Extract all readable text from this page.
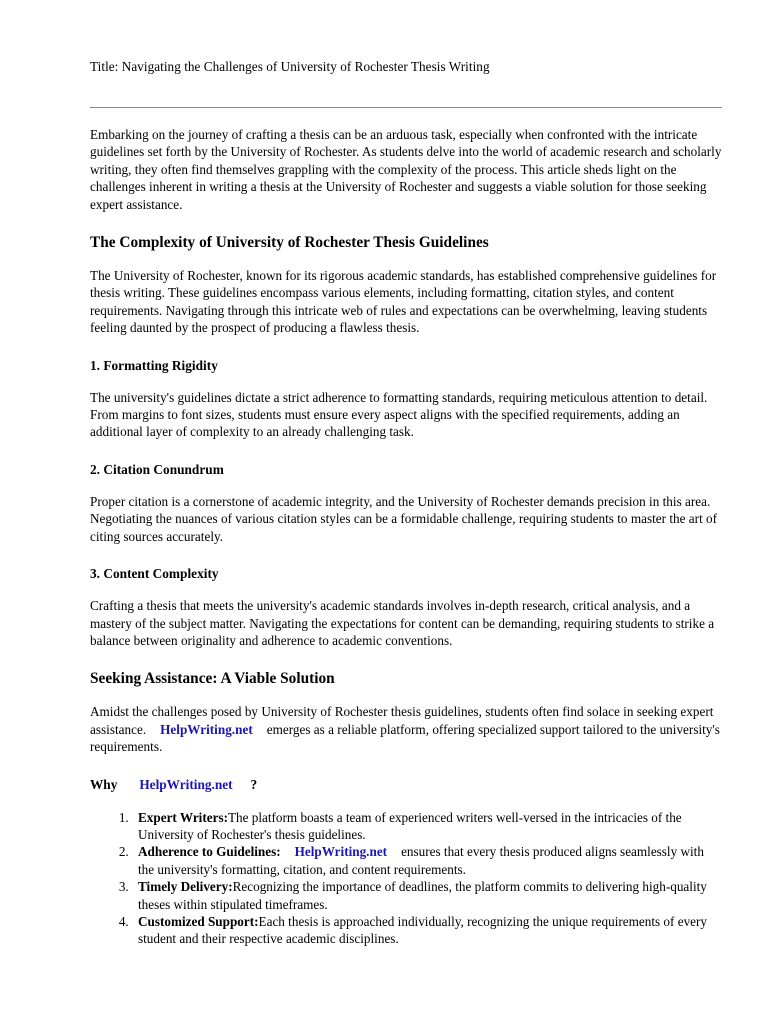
Title: Navigating the Challenges of University of Rochester Thesis Writing

Embarking on the journey of crafting a thesis can be an arduous task, especially when confronted with the intricate guidelines set forth by the University of Rochester. As students delve into the world of academic research and scholarly writing, they often find themselves grappling with the complexity of the process. This article sheds light on the challenges inherent in writing a thesis at the University of Rochester and suggests a viable solution for those seeking expert assistance.

The Complexity of University of Rochester Thesis Guidelines

The University of Rochester, known for its rigorous academic standards, has established comprehensive guidelines for thesis writing. These guidelines encompass various elements, including formatting, citation styles, and content requirements. Navigating through this intricate web of rules and expectations can be overwhelming, leaving students feeling daunted by the prospect of producing a flawless thesis.

1. Formatting Rigidity

The university's guidelines dictate a strict adherence to formatting standards, requiring meticulous attention to detail. From margins to font sizes, students must ensure every aspect aligns with the specified requirements, adding an additional layer of complexity to an already challenging task.

2. Citation Conundrum

Proper citation is a cornerstone of academic integrity, and the University of Rochester demands precision in this area. Negotiating the nuances of various citation styles can be a formidable challenge, requiring students to master the art of citing sources accurately.

3. Content Complexity

Crafting a thesis that meets the university's academic standards involves in-depth research, critical analysis, and a mastery of the subject matter. Navigating the expectations for content can be demanding, requiring students to strike a balance between originality and adherence to academic conventions.

Seeking Assistance: A Viable Solution

Amidst the challenges posed by University of Rochester thesis guidelines, students often find solace in seeking expert assistance. HelpWriting.net emerges as a reliable platform, offering specialized support tailored to the university's requirements.

Why HelpWriting.net ?

1. Expert Writers:The platform boasts a team of experienced writers well-versed in the intricacies of the University of Rochester's thesis guidelines.
2. Adherence to Guidelines: HelpWriting.net ensures that every thesis produced aligns seamlessly with the university's formatting, citation, and content requirements.
3. Timely Delivery:Recognizing the importance of deadlines, the platform commits to delivering high-quality theses within stipulated timeframes.
4. Customized Support:Each thesis is approached individually, recognizing the unique requirements of every student and their respective academic disciplines.
